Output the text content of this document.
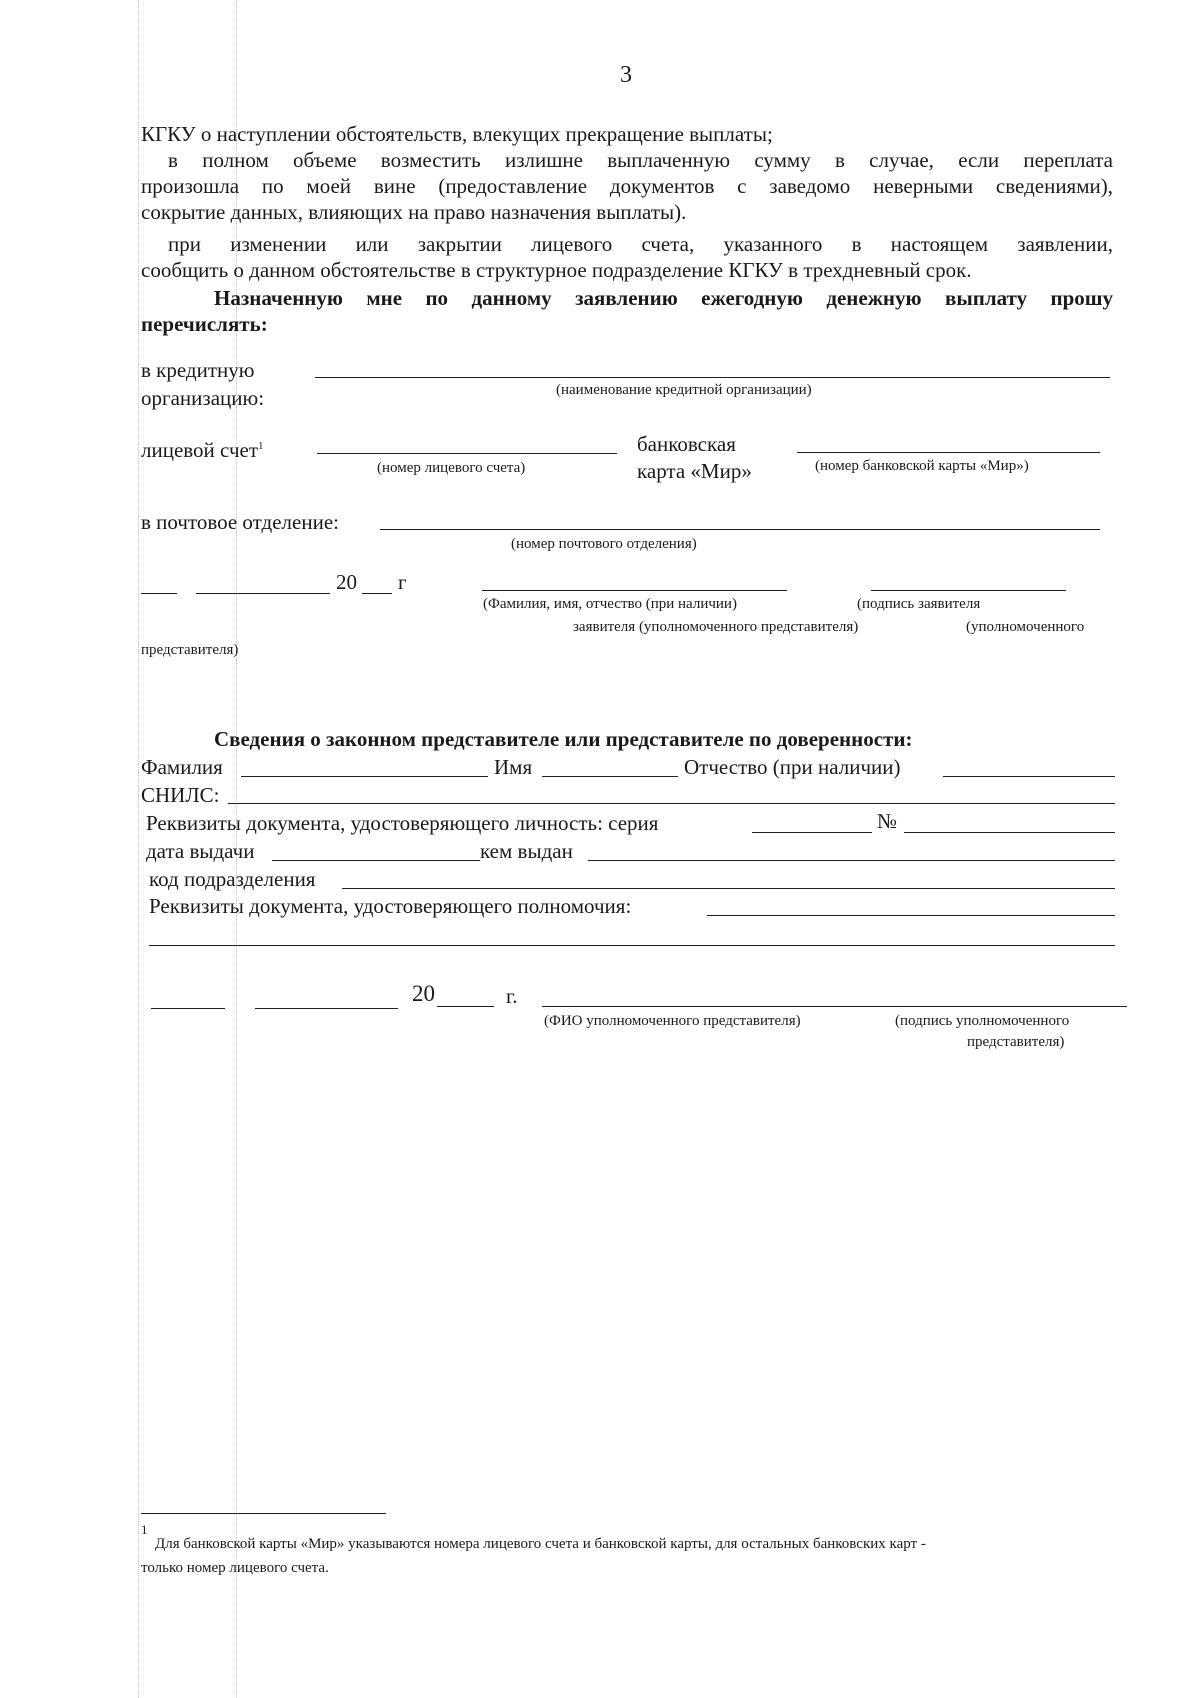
3
КГКУ о наступлении обстоятельств, влекущих прекращение выплаты;
в полном объеме возместить излишне выплаченную сумму в случае, если переплата
произошла по моей вине (предоставление документов с заведомо неверными сведениями),
сокрытие данных, влияющих на право назначения выплаты).
при изменении или закрытии лицевого счета, указанного в настоящем заявлении,
сообщить о данном обстоятельстве в структурное подразделение КГКУ в трехдневный срок.
Назначенную мне по данному заявлению ежегодную денежную выплату прошу
перечислять:
в кредитную
организацию:	(наименование кредитной организации)
лицевой счет$^1$
(номер лицевого счета)
банковская
карта «Мир»	(номер банковской карты «Мир»)
в почтовое отделение:
(номер почтового отделения)
20 г
(Фамилия, имя, отчество (при наличии)	(подпись заявителя
заявителя (уполномоченного представителя)	(уполномоченного
представителя)
Сведения о законном представителе или представителе по доверенности:
Фамилия	Имя	Отчество (при наличии)
СНИЛС:
Реквизиты документа, удостоверяющего личность: серия	№
дата выдачи	кем выдан
код подразделения
Реквизиты документа, удостоверяющего полномочия:
20	г.
(ФИО уполномоченного представителя)	(подпись уполномоченного
представителя)
1
Для банковской карты «Мир» указываются номера лицевого счета и банковской карты, для остальных банковских карт -
только номер лицевого счета.
